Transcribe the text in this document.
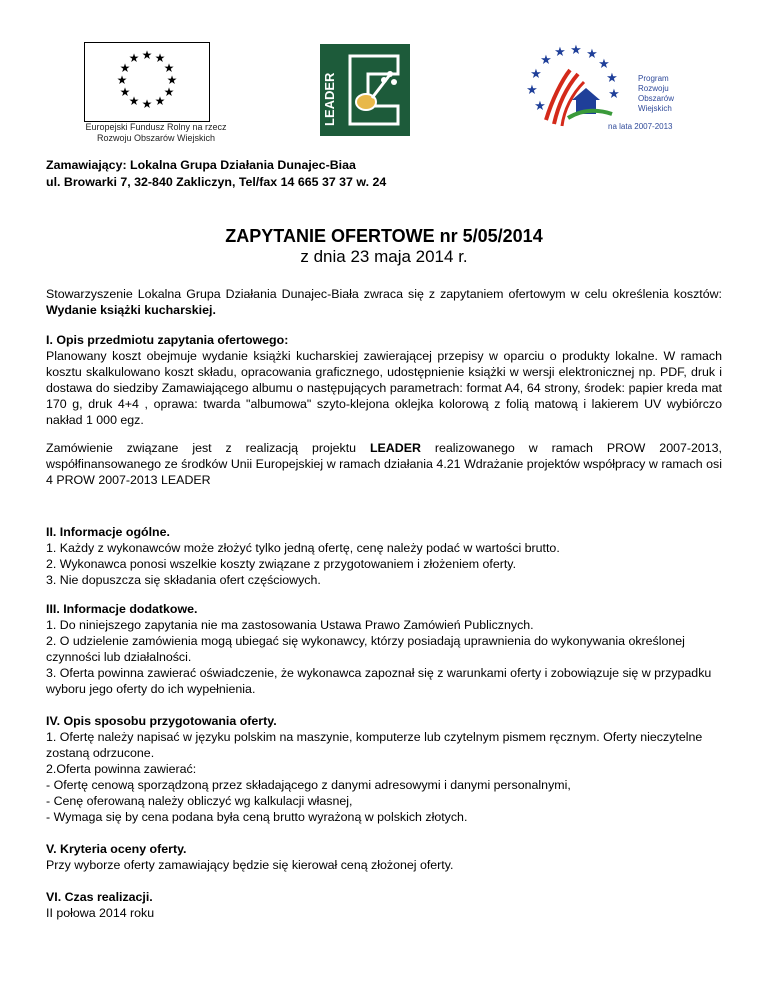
★ ★
★
★
★
★
★
★
★
★
★
★
Europejski Fundusz Rolny na rzecz
Rozwoju Obszarów Wiejskich
LEADER	★
★
★
★ ★ ★
★
★
★
★
Program
Rozwoju
Obszarów
Wiejskich
na lata 2007-2013
Zamawiający: Lokalna Grupa Działania Dunajec-Biaa
ul. Browarki 7, 32-840 Zakliczyn, Tel/fax 14 665 37 37 w. 24
ZAPYTANIE OFERTOWE nr 5/05/2014
z dnia 23 maja 2014 r.
Stowarzyszenie Lokalna Grupa Działania Dunajec-Biała zwraca się z zapytaniem ofertowym w celu określenia kosztów: Wydanie książki kucharskiej.

I. Opis przedmiotu zapytania ofertowego:

Planowany koszt obejmuje wydanie książki kucharskiej zawierającej przepisy w oparciu o produkty lokalne. W ramach kosztu skalkulowano koszt składu, opracowania graficznego, udostępnienie książki w wersji elektronicznej np. PDF, druk i dostawa do siedziby Zamawiającego albumu o następujących parametrach: format A4, 64 strony, środek: papier kreda mat 170 g, druk 4+4 , oprawa: twarda "albumowa" szyto-klejona oklejka kolorową z folią matową i lakierem UV wybiórczo nakład 1 000 egz.

Zamówienie związane jest z realizacją projektu LEADER realizowanego w ramach PROW 2007-2013, współfinansowanego ze środków Unii Europejskiej w ramach działania 4.21 Wdrażanie projektów współpracy w ramach osi 4 PROW 2007-2013 LEADER

II. Informacje ogólne.

1. Każdy z wykonawców może złożyć tylko jedną ofertę, cenę należy podać w wartości brutto.

2. Wykonawca ponosi wszelkie koszty związane z przygotowaniem i złożeniem oferty.

3. Nie dopuszcza się składania ofert częściowych.

III. Informacje dodatkowe.

1. Do niniejszego zapytania nie ma zastosowania Ustawa Prawo Zamówień Publicznych.

2. O udzielenie zamówienia mogą ubiegać się wykonawcy, którzy posiadają uprawnienia do wykonywania określonej czynności lub działalności.

3. Oferta powinna zawierać oświadczenie, że wykonawca zapoznał się z warunkami oferty i zobowiązuje się w przypadku wyboru jego oferty do ich wypełnienia.

IV. Opis sposobu przygotowania oferty.

1. Ofertę należy napisać w języku polskim na maszynie, komputerze lub czytelnym pismem ręcznym. Oferty nieczytelne zostaną odrzucone.

2.Oferta powinna zawierać:

- Ofertę cenową sporządzoną przez składającego z danymi adresowymi i danymi personalnymi,

- Cenę oferowaną należy obliczyć wg kalkulacji własnej,

- Wymaga się by cena podana była ceną brutto wyrażoną w polskich złotych.

V. Kryteria oceny oferty.

Przy wyborze oferty zamawiający będzie się kierował ceną złożonej oferty.

VI. Czas realizacji.

II połowa 2014 roku
